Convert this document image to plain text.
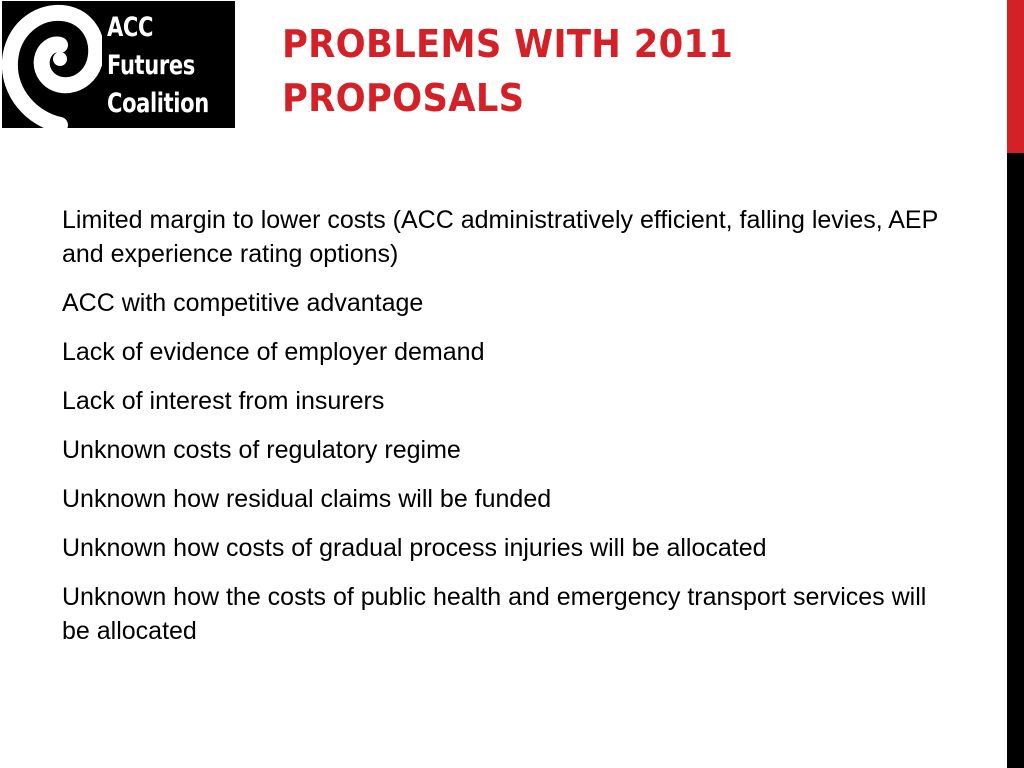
ACC
Futures
Coalition
PROBLEMS WITH 2011 PROPOSALS
Limited margin to lower costs (ACC administratively efficient, falling levies, AEP and experience rating options)
ACC with competitive advantage
Lack of evidence of employer demand
Lack of interest from insurers
Unknown costs of regulatory regime
Unknown how residual claims will be funded
Unknown how costs of gradual process injuries will be allocated
Unknown how the costs of public health and emergency transport services will be allocated
